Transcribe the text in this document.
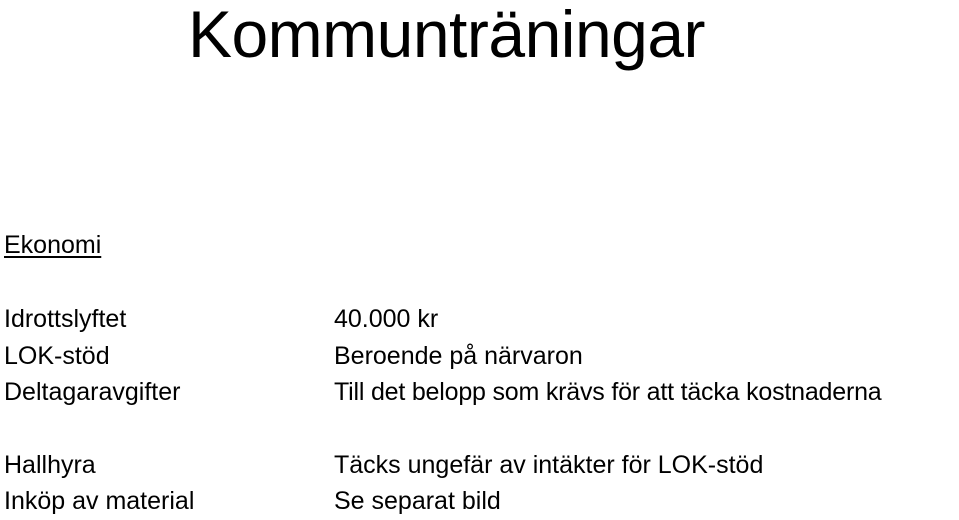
Kommunträningar
Ekonomi
Idrottslyftet	40.000 kr
LOK-stöd	Beroende på närvaron
Deltagaravgifter	Till det belopp som krävs för att täcka kostnaderna
Hallhyra	Täcks ungefär av intäkter för LOK-stöd
Inköp av material	Se separat bild
